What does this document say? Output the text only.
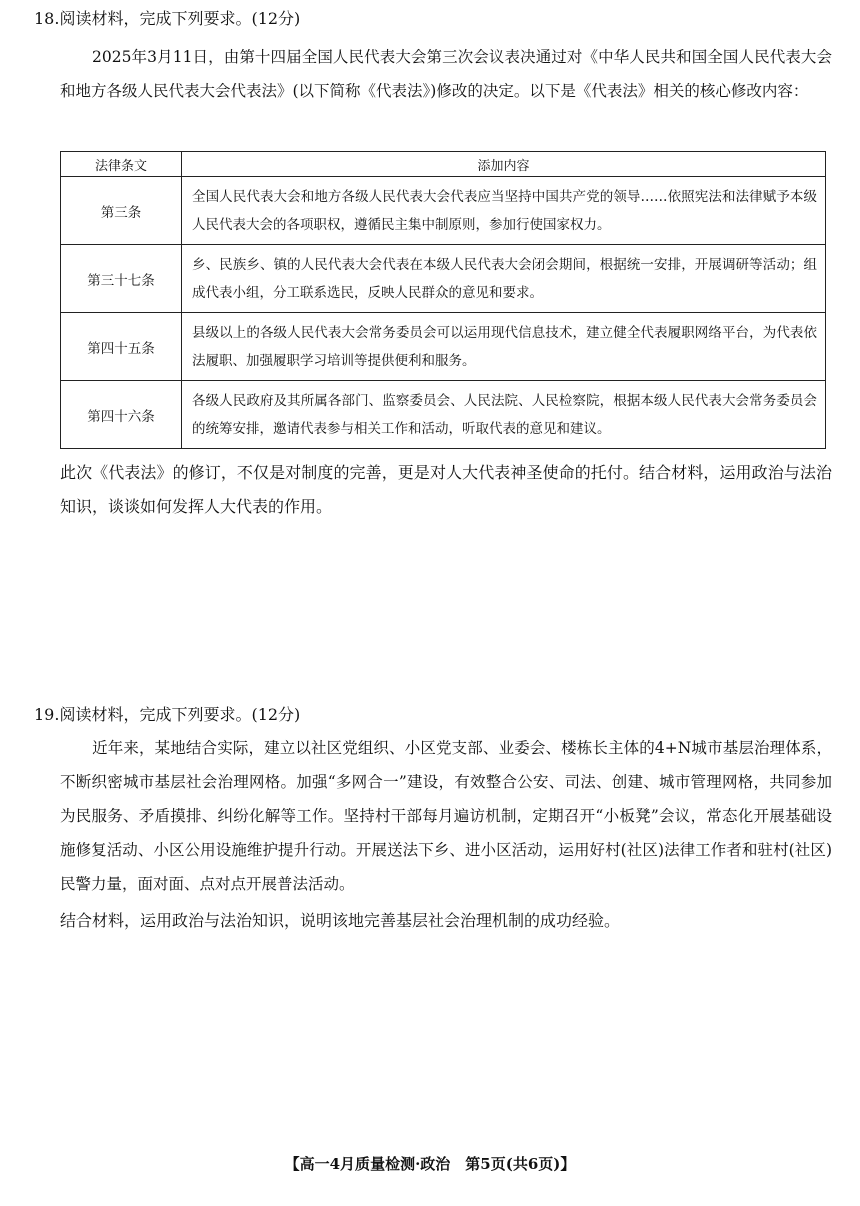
18.阅读材料，完成下列要求。(12分)
2025年3月11日，由第十四届全国人民代表大会第三次会议表决通过对《中华人民共和国全国人民代表大会和地方各级人民代表大会代表法》(以下简称《代表法》)修改的决定。以下是《代表法》相关的核心修改内容：
法律条文	添加内容
第三条	全国人民代表大会和地方各级人民代表大会代表应当坚持中国共产党的领导……依照宪法和法律赋予本级人民代表大会的各项职权，遵循民主集中制原则，参加行使国家权力。
第三十七条	乡、民族乡、镇的人民代表大会代表在本级人民代表大会闭会期间，根据统一安排，开展调研等活动；组成代表小组，分工联系选民，反映人民群众的意见和要求。
第四十五条	县级以上的各级人民代表大会常务委员会可以运用现代信息技术，建立健全代表履职网络平台，为代表依法履职、加强履职学习培训等提供便利和服务。
第四十六条	各级人民政府及其所属各部门、监察委员会、人民法院、人民检察院，根据本级人民代表大会常务委员会的统筹安排，邀请代表参与相关工作和活动，听取代表的意见和建议。
此次《代表法》的修订，不仅是对制度的完善，更是对人大代表神圣使命的托付。结合材料，运用政治与法治知识，谈谈如何发挥人大代表的作用。
19.阅读材料，完成下列要求。(12分)
近年来，某地结合实际，建立以社区党组织、小区党支部、业委会、楼栋长主体的4+N城市基层治理体系，不断织密城市基层社会治理网格。加强“多网合一”建设，有效整合公安、司法、创建、城市管理网格，共同参加为民服务、矛盾摸排、纠纷化解等工作。坚持村干部每月遍访机制，定期召开“小板凳”会议，常态化开展基础设施修复活动、小区公用设施维护提升行动。开展送法下乡、进小区活动，运用好村(社区)法律工作者和驻村(社区)民警力量，面对面、点对点开展普法活动。
结合材料，运用政治与法治知识，说明该地完善基层社会治理机制的成功经验。
【高一4月质量检测·政治　第5页(共6页)】
